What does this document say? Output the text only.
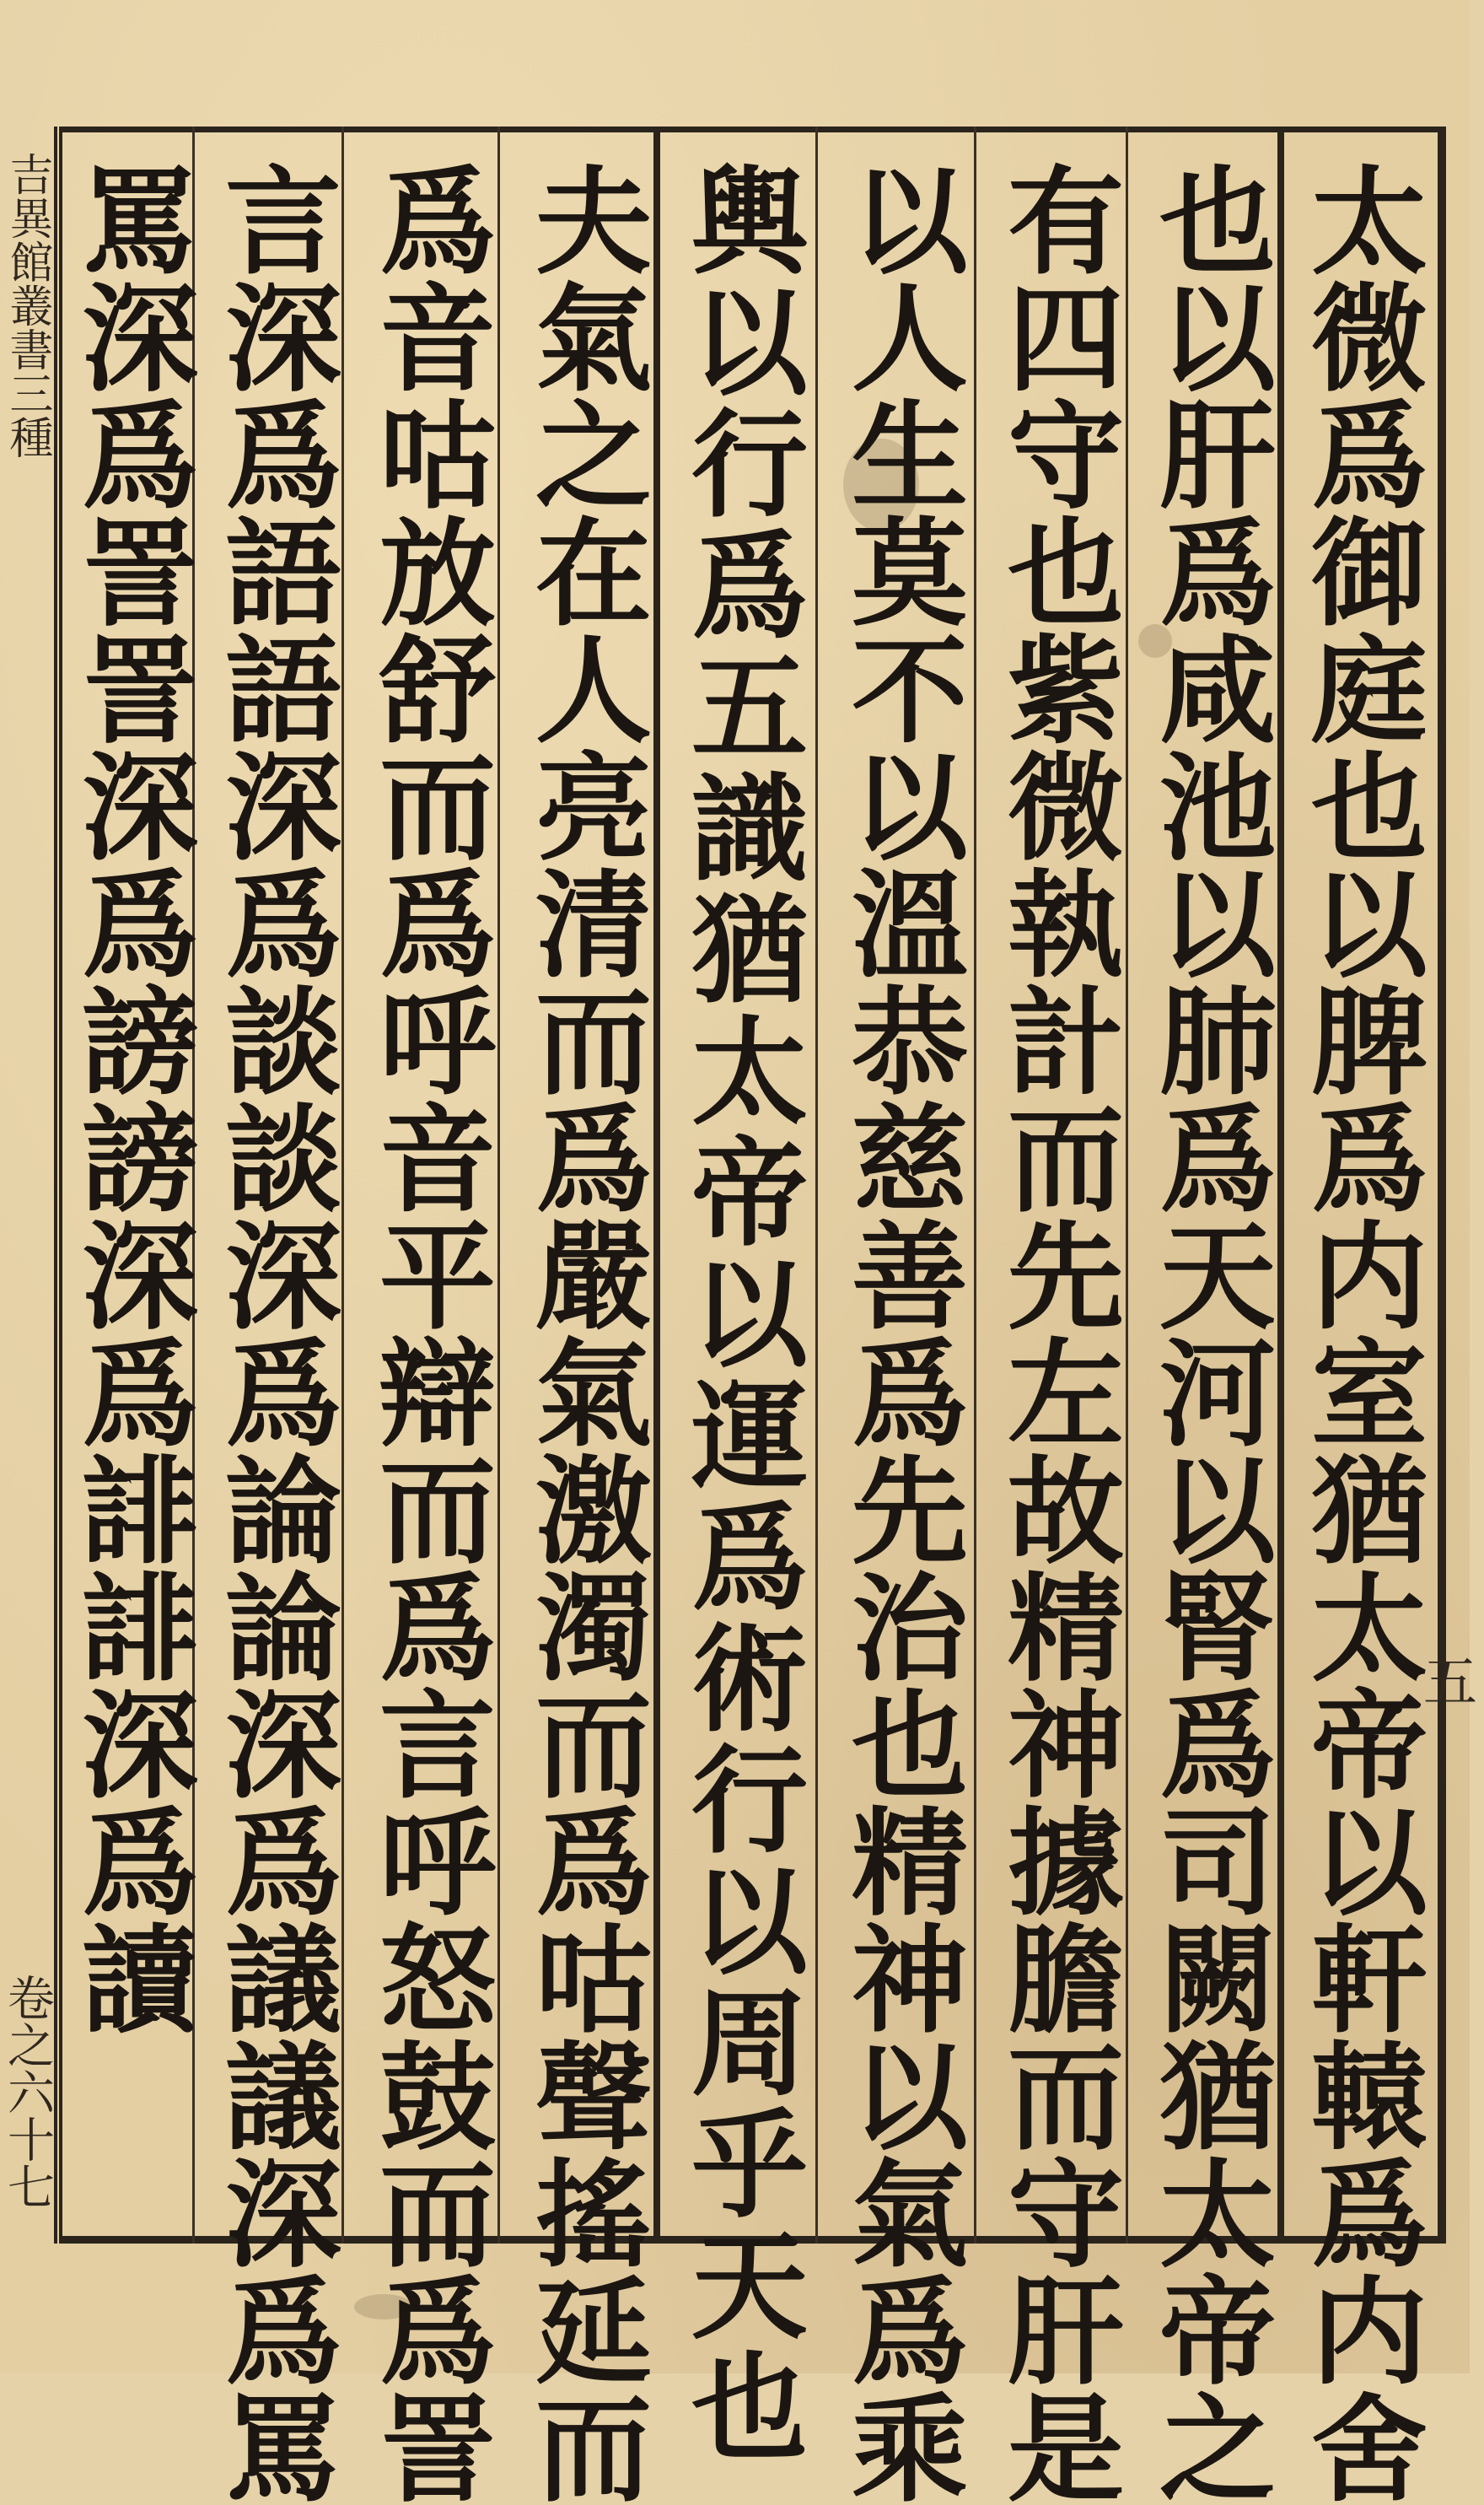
吉異館叢書三種
卷之六十七	太微爲御庭也以脾爲内室猶太帝以軒轅爲内舍
也以肝爲咸池以肺爲天河以腎爲司闕猶太帝之
有四守也紫微執計而先左故精神據膽而守肝是
以人生莫不以溫恭慈善爲先治也精神以氣爲乘
輿以行爲五識猶太帝以運爲術行以周乎天也
夫氣之在人亮清而爲嚴氣激濁而爲咕聲搖延而
爲音咕放舒而爲呼音平辯而爲言呼怒鼓而爲詈
言深爲語語深爲談談深爲論論深爲議議深爲罵
罵深爲詈詈深爲謗謗深爲誹誹深爲讀	五
